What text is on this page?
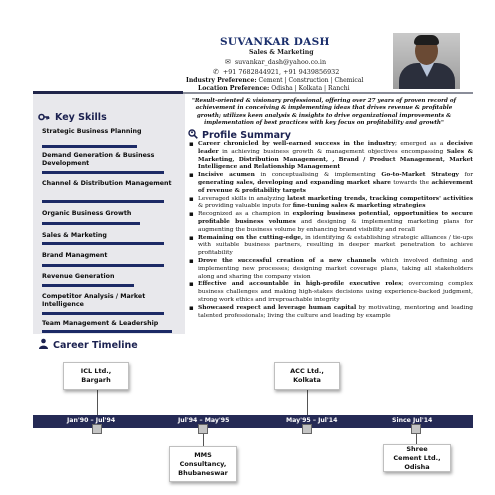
SUVANKAR DASH
Sales & Marketing
✉ suvankar_dash@yahoo.co.in
✆ +91 7682844921, +91 9439856932
Industry Preference: Cement | Construction | Chemical
Location Preference: Odisha | Kolkata | Ranchi
Key Skills
Strategic Business Planning
Demand Generation & Business Development
Channel & Distribution Management
Organic Business Growth
Sales & Marketing
Brand Managment
Revenue Generation
Competitor Analysis / Market Intelligence
Team Management & Leadership
"Result-oriented & visionary professional, offering over 27 years of proven record of achievement in conceiving & implementing ideas that drives revenue & profitable growth; utilizes keen analysis & insights to drive organizational improvements & implementation of best practices with key focus on profitability and growth"
Profile Summary
▪ Career chronicled by well-earned success in the industry; emerged as a decisive leader in achieving business growth & management objectives encompassing Sales & Marketing, Distribution Management, , Brand / Product Management, Market Intelligence and Relationship Management
▪ Incisive acumen in conceptualising & implementing Go-to-Market Strategy for generating sales, developing and expanding market share towards the achievement of revenue & profitability targets
▪ Leveraged skills in analyzing latest marketing trends, tracking competitors' activities & providing valuable inputs for fine-tuning sales & marketing strategies
▪ Recognized as a champion in exploring business potential, opportunities to secure profitable business volumes and designing & implementing marketing plans for augmenting the business volume by enhancing brand visibility and recall
▪ Remaining on the cutting-edge, in identifying & establishing strategic alliances / tie-ups with suitable business partners, resulting in deeper market penetration to achieve profitability
▪ Drove the successful creation of a new channels which involved defining and implementing new processes; designing market coverage plans, taking all stakeholders along and sharing the company vision
▪ Effective and accountable in high-profile executive roles; overcoming complex business challenges and making high-stakes decisions using experience-backed judgment, strong work ethics and irreproachable integrity
▪ Showcased respect and leverage human capital by motivating, mentoring and leading talented professionals; living the culture and leading by example
Career Timeline
Jan'90 – Jul'94	Jul'94 – May'95	May'95 – Jul'14	Since Jul'14
ICL Ltd., Bargarh
ACC Ltd., Kolkata
MMS Consultancy, Bhubaneswar
Shree Cement Ltd., Odisha
